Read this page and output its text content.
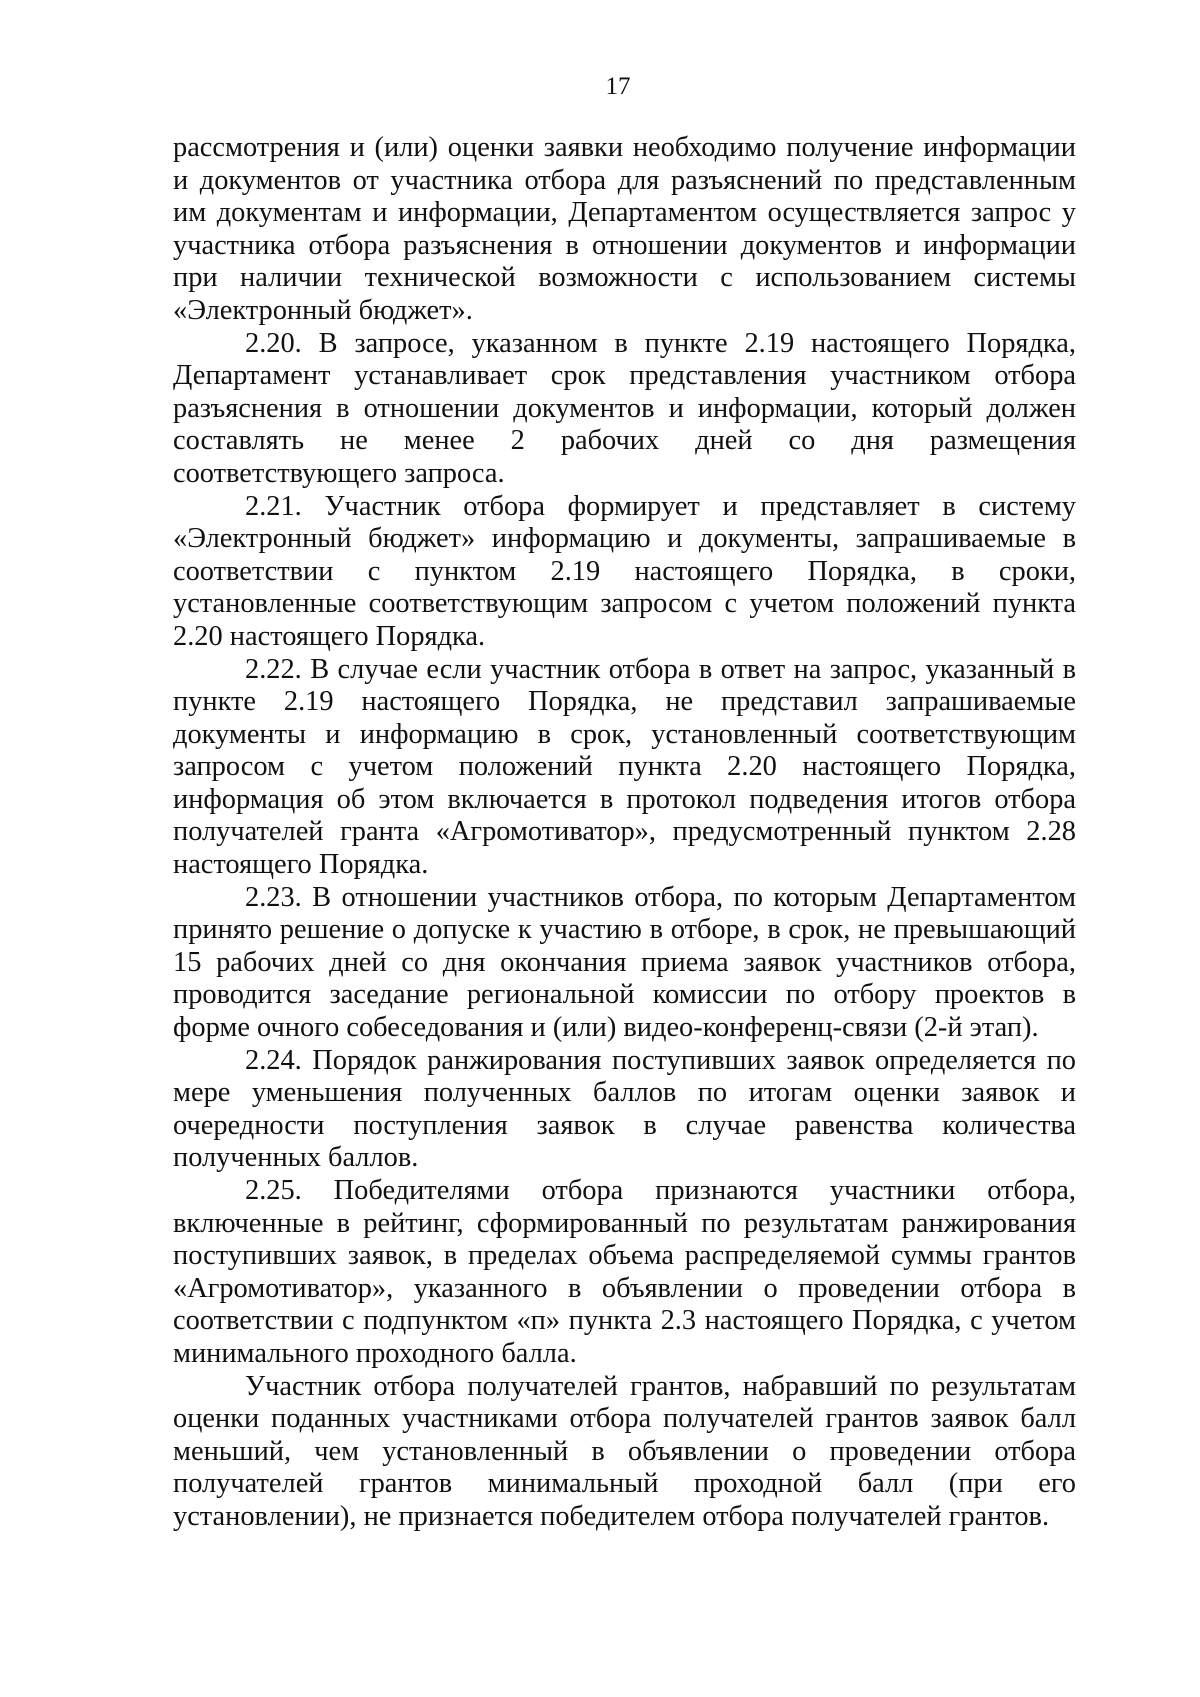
17

рассмотрения и (или) оценки заявки необходимо получение информации и документов от участника отбора для разъяснений по представленным им документам и информации, Департаментом осуществляется запрос у участника отбора разъяснения в отношении документов и информации при наличии технической возможности с использованием системы «Электронный бюджет».

2.20. В запросе, указанном в пункте 2.19 настоящего Порядка, Департамент устанавливает срок представления участником отбора разъяснения в отношении документов и информации, который должен составлять не менее 2 рабочих дней со дня размещения соответствующего запроса.

2.21. Участник отбора формирует и представляет в систему «Электронный бюджет» информацию и документы, запрашиваемые в соответствии с пунктом 2.19 настоящего Порядка, в сроки, установленные соответствующим запросом с учетом положений пункта 2.20 настоящего Порядка.

2.22. В случае если участник отбора в ответ на запрос, указанный в пункте 2.19 настоящего Порядка, не представил запрашиваемые документы и информацию в срок, установленный соответствующим запросом с учетом положений пункта 2.20 настоящего Порядка, информация об этом включается в протокол подведения итогов отбора получателей гранта «Агромотиватор», предусмотренный пунктом 2.28 настоящего Порядка.

2.23. В отношении участников отбора, по которым Департаментом принято решение о допуске к участию в отборе, в срок, не превышающий 15 рабочих дней со дня окончания приема заявок участников отбора, проводится заседание региональной комиссии по отбору проектов в форме очного собеседования и (или) видео-конференц-связи (2-й этап).

2.24. Порядок ранжирования поступивших заявок определяется по мере уменьшения полученных баллов по итогам оценки заявок и очередности поступления заявок в случае равенства количества полученных баллов.

2.25. Победителями отбора признаются участники отбора, включенные в рейтинг, сформированный по результатам ранжирования поступивших заявок, в пределах объема распределяемой суммы грантов «Агромотиватор», указанного в объявлении о проведении отбора в соответствии с подпунктом «п» пункта 2.3 настоящего Порядка, с учетом минимального проходного балла.

Участник отбора получателей грантов, набравший по результатам оценки поданных участниками отбора получателей грантов заявок балл меньший, чем установленный в объявлении о проведении отбора получателей грантов минимальный проходной балл (при его установлении), не признается победителем отбора получателей грантов.
